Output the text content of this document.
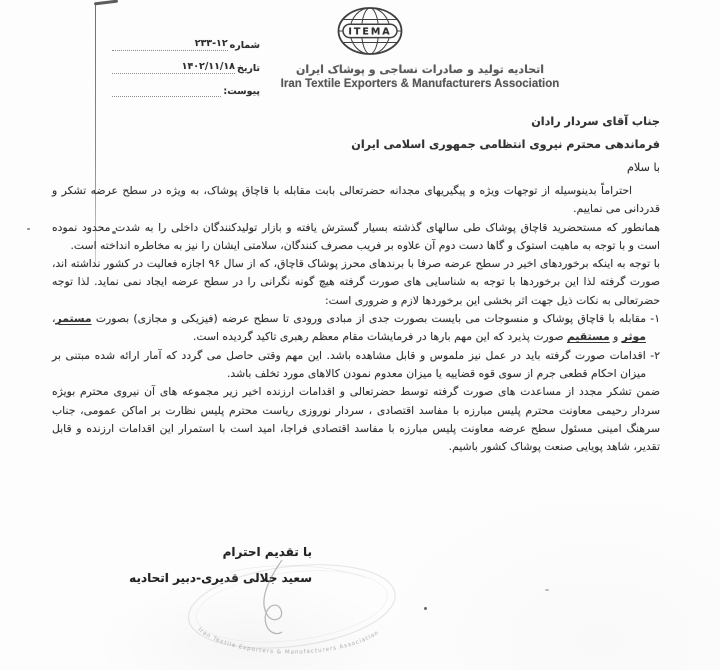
شماره
۲۳۳-۱۲
تاریخ
۱۴۰۲/۱۱/۱۸
پیوست:
ITEMA
اتحادیه تولید و صادرات نساجی و پوشاک ایران
Iran Textile Exporters & Manufacturers Association
جناب آقای سردار رادان
فرماندهی محترم نیروی انتظامی جمهوری اسلامی ایران
با سلام

احتراماً بدینوسیله از توجهات ویژه و پیگیریهای مجدانه حضرتعالی بابت مقابله با قاچاق پوشاک، به ویژه در سطح عرضه تشکر و قدردانی می نماییم.

همانطور که مستحضرید قاچاق پوشاک طی سالهای گذشته بسیار گسترش یافته و بازار تولیدکنندگان داخلی را به شدت محدود نموده است و با توجه به ماهیت استوک و گاها دست دوم آن علاوه بر فریب مصرف کنندگان، سلامتی ایشان را نیز به مخاطره انداخته است.

با توجه به اینکه برخوردهای اخیر در سطح عرضه صرفا با برندهای محرز پوشاک قاچاق، که از سال ۹۶ اجازه فعالیت در کشور نداشته اند، صورت گرفته لذا این برخوردها با توجه به شناسایی های صورت گرفته هیچ گونه نگرانی را در سطح عرضه ایجاد نمی نماید. لذا توجه حضرتعالی به نکات ذیل جهت اثر بخشی این برخوردها لازم و ضروری است:

۱- مقابله با قاچاق پوشاک و منسوجات می بایست بصورت جدی از مبادی ورودی تا سطح عرضه (فیزیکی و مجازی) بصورت مستمر، موثر و مستقیم صورت پذیرد که این مهم بارها در فرمایشات مقام معظم رهبری تاکید گردیده است.

۲- اقدامات صورت گرفته باید در عمل نیز ملموس و قابل مشاهده باشد. این مهم وقتی حاصل می گردد که آمار ارائه شده مبتنی بر میزان احکام قطعی جرم از سوی قوه قضاییه یا میزان معدوم نمودن کالاهای مورد تخلف باشد.

ضمن تشکر مجدد از مساعدت های صورت گرفته توسط حضرتعالی و اقدامات ارزنده اخیر زیر مجموعه های آن نیروی محترم بویژه سردار رحیمی معاونت محترم پلیس مبارزه با مفاسد اقتصادی ، سردار نوروزی ریاست محترم پلیس نظارت بر اماکن عمومی، جناب سرهنگ امینی مسئول سطح عرضه معاونت پلیس مبارزه با مفاسد اقتصادی فراجا، امید است با استمرار این اقدامات ارزنده و قابل تقدیر، شاهد پویایی صنعت پوشاک کشور باشیم.

با تقدیم احترام
سعید جلالی قدیری-دبیر اتحادیه
Iran Textile Exporters & Manufacturers Association
